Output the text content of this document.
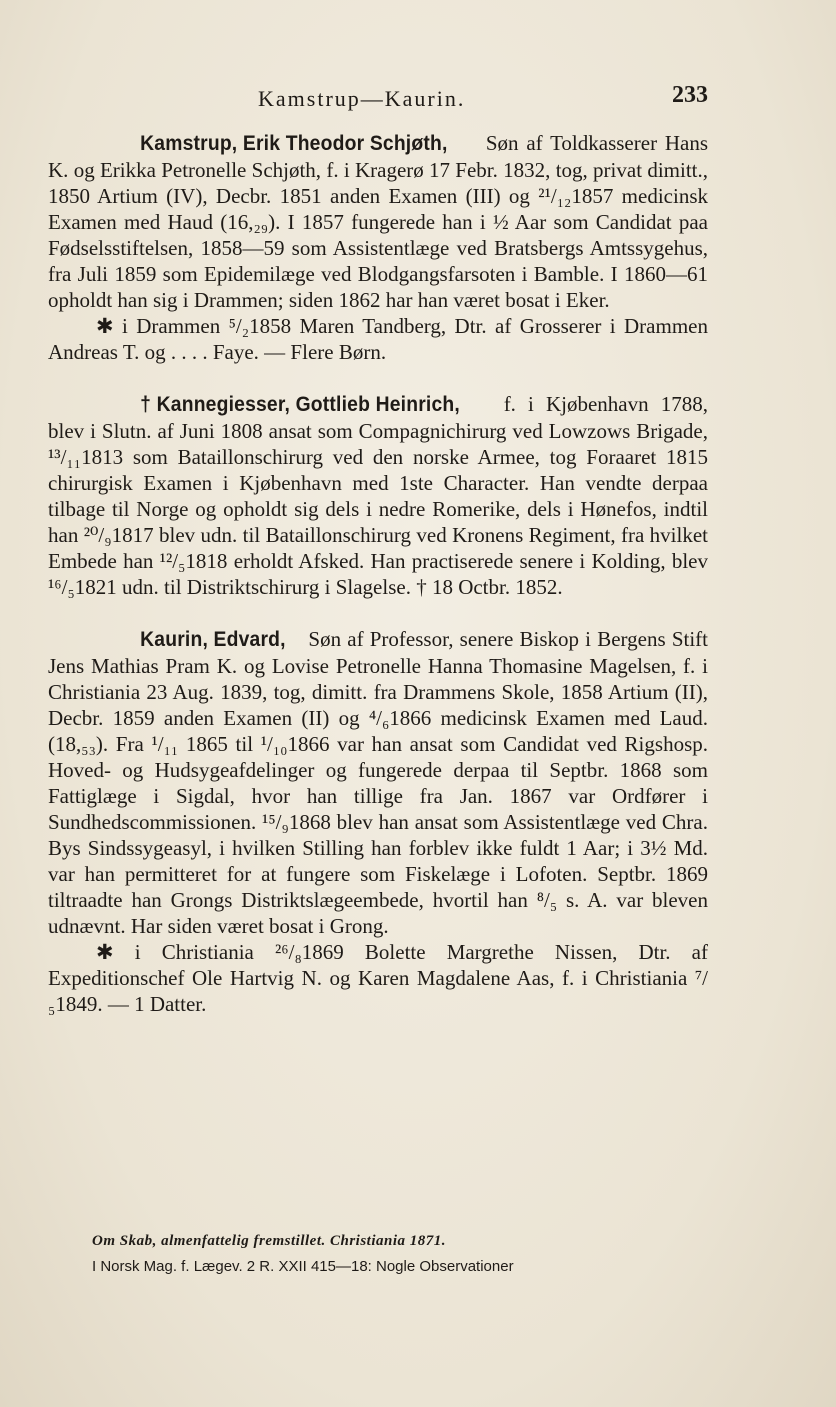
Kamstrup—Kaurin.	233

Kamstrup, Erik Theodor Schjøth, Søn af Toldkasserer Hans K. og Erikka Petronelle Schjøth, f. i Kragerø 17 Febr. 1832, tog, privat dimitt., 1850 Artium (IV), Decbr. 1851 anden Examen (III) og ²¹/₁₂1857 medicinsk Examen med Haud (16,₂₉). I 1857 fungerede han i ½ Aar som Candidat paa Fødselsstiftelsen, 1858—59 som Assistentlæge ved Bratsbergs Amtssygehus, fra Juli 1859 som Epidemilæge ved Blodgangsfarsoten i Bamble. I 1860—61 opholdt han sig i Drammen; siden 1862 har han været bosat i Eker.

✱ i Drammen ⁵/₂1858 Maren Tandberg, Dtr. af Grosserer i Drammen Andreas T. og . . . . Faye. — Flere Børn.

† Kannegiesser, Gottlieb Heinrich, f. i Kjøbenhavn 1788, blev i Slutn. af Juni 1808 ansat som Compagnichirurg ved Lowzows Brigade, ¹³/₁₁1813 som Bataillonschirurg ved den norske Armee, tog Foraaret 1815 chirurgisk Examen i Kjøbenhavn med 1ste Character. Han vendte derpaa tilbage til Norge og opholdt sig dels i nedre Romerike, dels i Hønefos, indtil han ²⁰/₉1817 blev udn. til Bataillonschirurg ved Kronens Regiment, fra hvilket Embede han ¹²/₅1818 erholdt Afsked. Han practiserede senere i Kolding, blev ¹⁶/₅1821 udn. til Distriktschirurg i Slagelse. † 18 Octbr. 1852.

Kaurin, Edvard, Søn af Professor, senere Biskop i Bergens Stift Jens Mathias Pram K. og Lovise Petronelle Hanna Thomasine Magelsen, f. i Christiania 23 Aug. 1839, tog, dimitt. fra Drammens Skole, 1858 Artium (II), Decbr. 1859 anden Examen (II) og ⁴/₆1866 medicinsk Examen med Laud. (18,₅₃). Fra ¹/₁₁ 1865 til ¹/₁₀1866 var han ansat som Candidat ved Rigshosp. Hoved- og Hudsygeafdelinger og fungerede derpaa til Septbr. 1868 som Fattiglæge i Sigdal, hvor han tillige fra Jan. 1867 var Ordfører i Sundhedscommissionen. ¹⁵/₉1868 blev han ansat som Assistentlæge ved Chra. Bys Sindssygeasyl, i hvilken Stilling han forblev ikke fuldt 1 Aar; i 3½ Md. var han permitteret for at fungere som Fiskelæge i Lofoten. Septbr. 1869 tiltraadte han Grongs Distriktslægeembede, hvortil han ⁸/₅ s. A. var bleven udnævnt. Har siden været bosat i Grong.

✱ i Christiania ²⁶/₈1869 Bolette Margrethe Nissen, Dtr. af Expeditionschef Ole Hartvig N. og Karen Magdalene Aas, f. i Christiania ⁷/₅1849. — 1 Datter.

Om Skab, almenfattelig fremstillet. Christiania 1871.
I Norsk Mag. f. Lægev. 2 R. XXII 415—18: Nogle Observationer
